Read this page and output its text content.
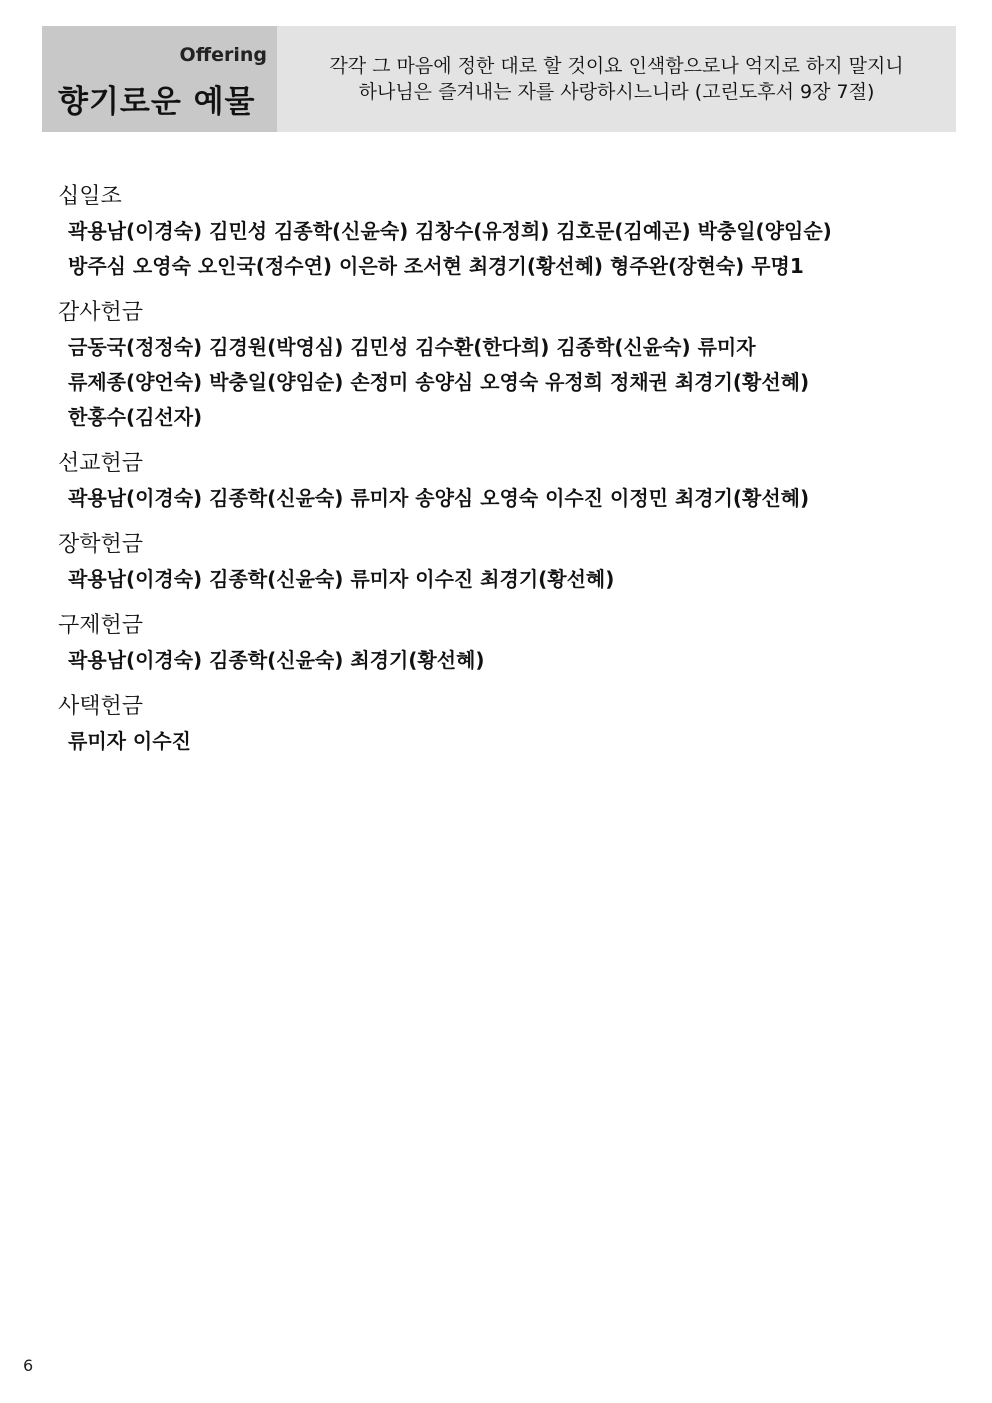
Offering
향기로운 예물
각각 그 마음에 정한 대로 할 것이요 인색함으로나 억지로 하지 말지니
하나님은 즐겨내는 자를 사랑하시느니라 (고린도후서 9장 7절)
십일조
곽용남(이경숙) 김민성 김종학(신윤숙) 김창수(유정희) 김호문(김예곤) 박충일(양임순)
방주심 오영숙 오인국(정수연) 이은하 조서현 최경기(황선혜) 형주완(장현숙) 무명1
감사헌금
금동국(정정숙) 김경원(박영심) 김민성 김수환(한다희) 김종학(신윤숙) 류미자
류제종(양언숙) 박충일(양임순) 손정미 송양심 오영숙 유정희 정채권 최경기(황선혜)
한홍수(김선자)
선교헌금
곽용남(이경숙) 김종학(신윤숙) 류미자 송양심 오영숙 이수진 이정민 최경기(황선혜)
장학헌금
곽용남(이경숙) 김종학(신윤숙) 류미자 이수진 최경기(황선혜)
구제헌금
곽용남(이경숙) 김종학(신윤숙) 최경기(황선혜)
사택헌금
류미자 이수진
6
